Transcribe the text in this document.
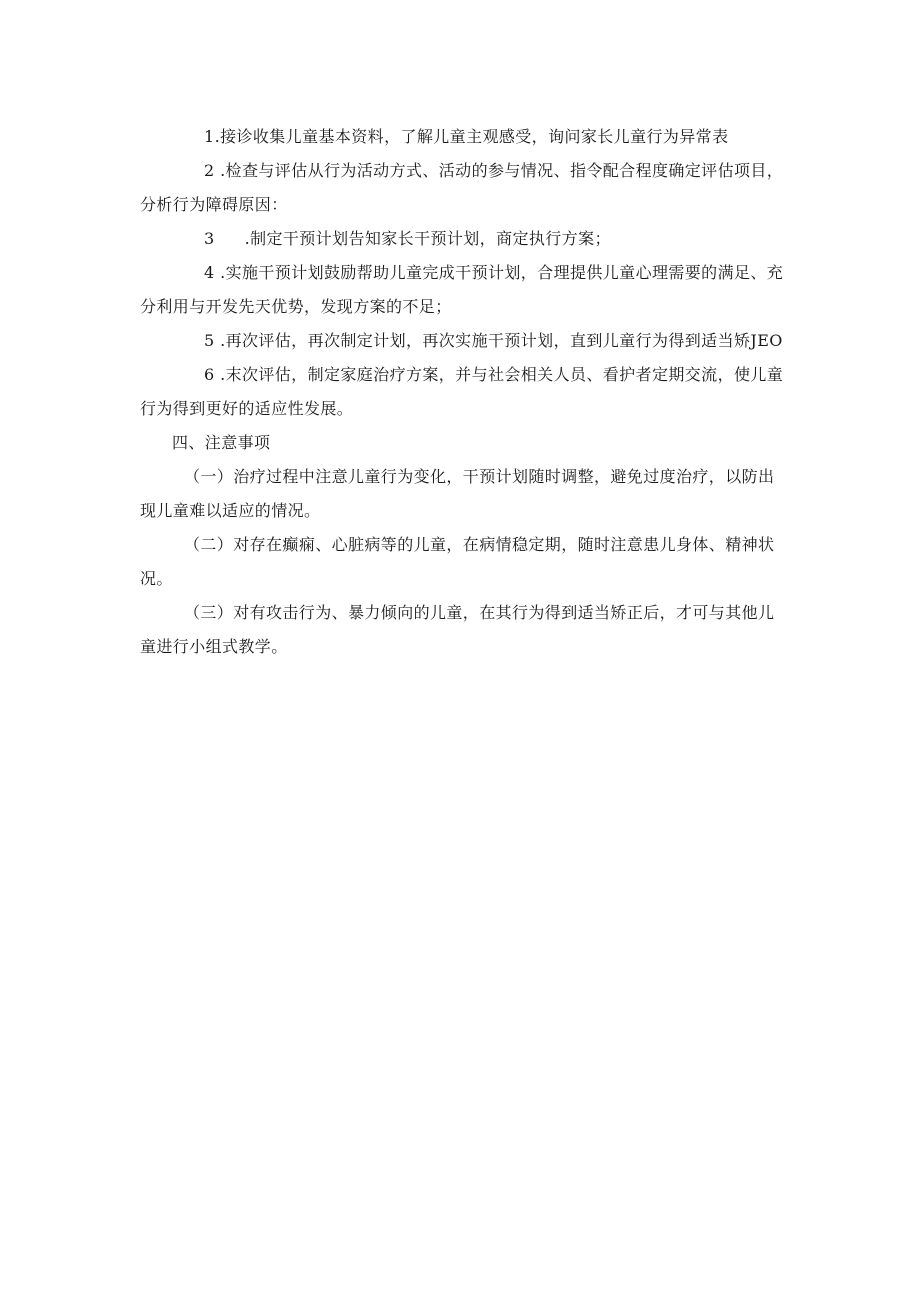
1.接诊收集儿童基本资料，了解儿童主观感受，询问家长儿童行为异常表

2 .检查与评估从行为活动方式、活动的参与情况、指令配合程度确定评估项目，分析行为障碍原因：

3 .制定干预计划告知家长干预计划，商定执行方案；

4 .实施干预计划鼓励帮助儿童完成干预计划，合理提供儿童心理需要的满足、充分利用与开发先天优势，发现方案的不足；

5 .再次评估，再次制定计划，再次实施干预计划，直到儿童行为得到适当矫JEO

6 .末次评估，制定家庭治疗方案，并与社会相关人员、看护者定期交流，使儿童行为得到更好的适应性发展。

四、注意事项

（一）治疗过程中注意儿童行为变化，干预计划随时调整，避免过度治疗，以防出现儿童难以适应的情况。

（二）对存在癫痫、心脏病等的儿童，在病情稳定期，随时注意患儿身体、精神状况。

（三）对有攻击行为、暴力倾向的儿童，在其行为得到适当矫正后，才可与其他儿童进行小组式教学。
